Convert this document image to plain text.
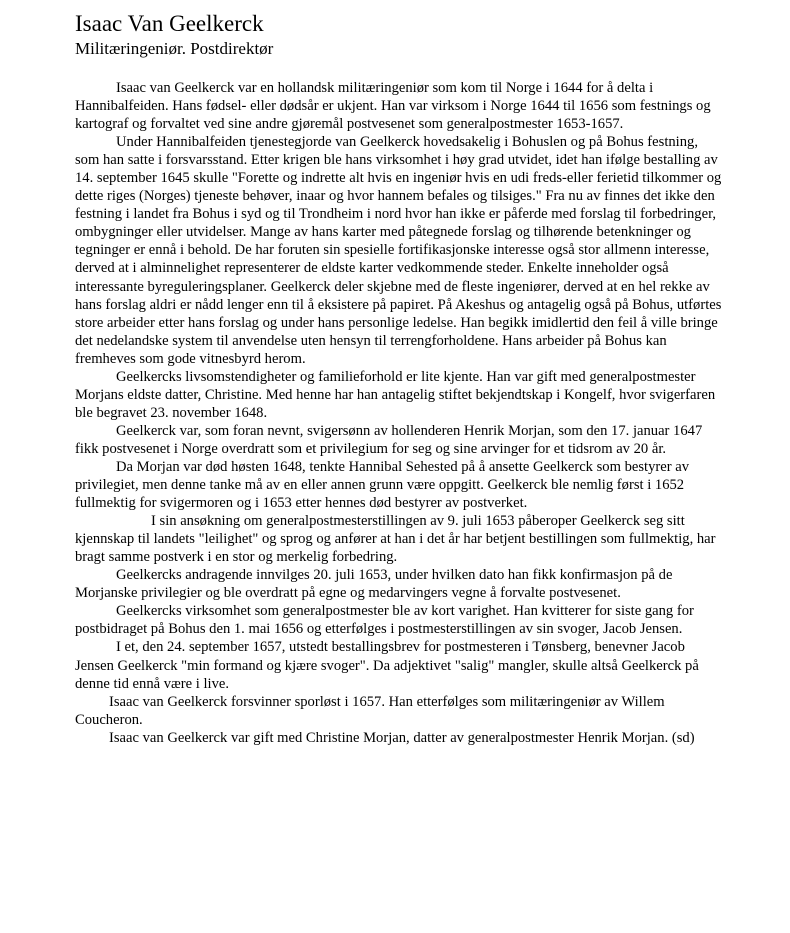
Isaac Van Geelkerck
Militæringeniør. Postdirektør

Isaac van Geelkerck var en hollandsk militæringeniør som kom til Norge i 1644 for å delta i Hannibalfeiden. Hans fødsel- eller dødsår er ukjent. Han var virksom i Norge 1644 til 1656 som festnings og kartograf og forvaltet ved sine andre gjøremål postvesenet som generalpostmester 1653-1657.

Under Hannibalfeiden tjenestegjorde van Geelkerck hovedsakelig i Bohuslen og på Bohus festning, som han satte i forsvarsstand. Etter krigen ble hans virksomhet i høy grad utvidet, idet han ifølge bestalling av 14. september 1645 skulle "Forette og indrette alt hvis en ingeniør hvis en udi freds-eller ferietid tilkommer og dette riges (Norges) tjeneste behøver, inaar og hvor hannem befales og tilsiges." Fra nu av finnes det ikke den festning i landet fra Bohus i syd og til Trondheim i nord hvor han ikke er påferde med forslag til forbedringer, ombygninger eller utvidelser. Mange av hans karter med påtegnede forslag og tilhørende betenkninger og tegninger er ennå i behold. De har foruten sin spesielle fortifikasjonske interesse også stor allmenn interesse, derved at i alminnelighet representerer de eldste karter vedkommende steder. Enkelte inneholder også interessante byreguleringsplaner. Geelkerck deler skjebne med de fleste ingeniører, derved at en hel rekke av hans forslag aldri er nådd lenger enn til å eksistere på papiret. På Akeshus og antagelig også på Bohus, utførtes store arbeider etter hans forslag og under hans personlige ledelse. Han begikk imidlertid den feil å ville bringe det nedelandske system til anvendelse uten hensyn til terrengforholdene. Hans arbeider på Bohus kan fremheves som gode vitnesbyrd herom.

Geelkercks livsomstendigheter og familieforhold er lite kjente. Han var gift med generalpostmester Morjans eldste datter, Christine. Med henne har han antagelig stiftet bekjendtskap i Kongelf, hvor svigerfaren ble begravet 23. november 1648.

Geelkerck var, som foran nevnt, svigersønn av hollenderen Henrik Morjan, som den 17. januar 1647 fikk postvesenet i Norge overdratt som et privilegium for seg og sine arvinger for et tidsrom av 20 år.

Da Morjan var død høsten 1648, tenkte Hannibal Sehested på å ansette Geelkerck som bestyrer av privilegiet, men denne tanke må av en eller annen grunn være oppgitt. Geelkerck ble nemlig først i 1652 fullmektig for svigermoren og i 1653 etter hennes død bestyrer av postverket.

I sin ansøkning om generalpostmesterstillingen av 9. juli 1653 påberoper Geelkerck seg sitt kjennskap til landets "leilighet" og sprog og anfører at han i det år har betjent bestillingen som fullmektig, har bragt samme postverk i en stor og merkelig forbedring.

Geelkercks andragende innvilges 20. juli 1653, under hvilken dato han fikk konfirmasjon på de Morjanske privilegier og ble overdratt på egne og medarvingers vegne å forvalte postvesenet.

Geelkercks virksomhet som generalpostmester ble av kort varighet. Han kvitterer for siste gang for postbidraget på Bohus den 1. mai 1656 og etterfølges i postmesterstillingen av sin svoger, Jacob Jensen.

I et, den 24. september 1657, utstedt bestallingsbrev for postmesteren i Tønsberg, benevner Jacob Jensen Geelkerck "min formand og kjære svoger". Da adjektivet "salig" mangler, skulle altså Geelkerck på denne tid ennå være i live.

Isaac van Geelkerck forsvinner sporløst i 1657. Han etterfølges som militæringeniør av Willem Coucheron.

Isaac van Geelkerck var gift med Christine Morjan, datter av generalpostmester Henrik Morjan. (sd)
